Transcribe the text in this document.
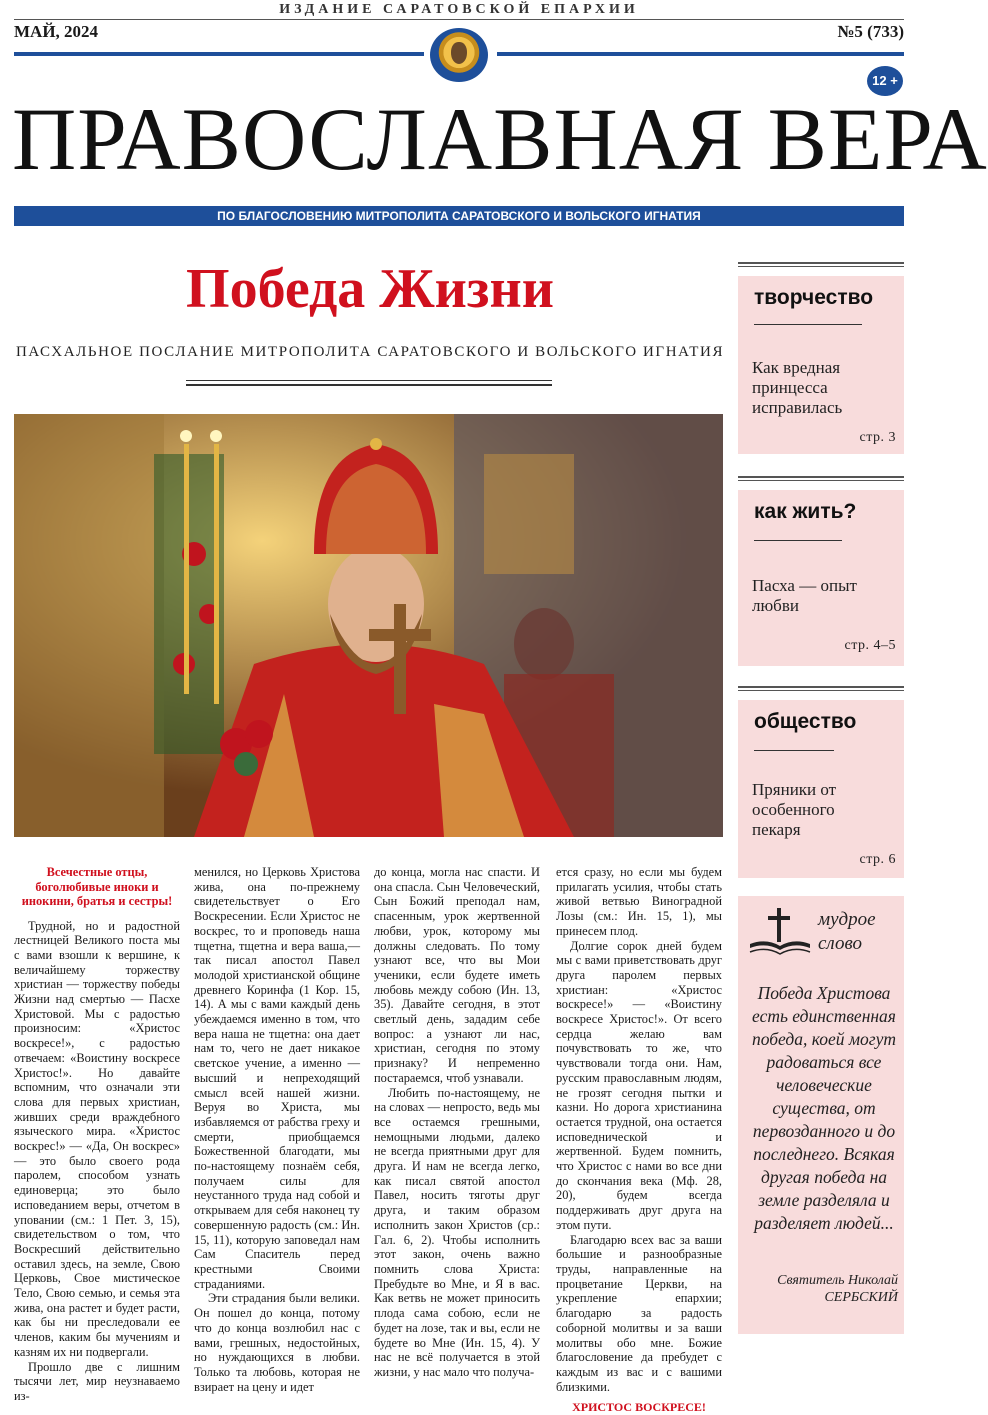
ИЗДАНИЕ САРАТОВСКОЙ ЕПАРХИИ
МАЙ, 2024	№5 (733)
12 +
ПРАВОСЛАВНАЯ ВЕРА
ПО БЛАГОСЛОВЕНИЮ МИТРОПОЛИТА САРАТОВСКОГО И ВОЛЬСКОГО ИГНАТИЯ
Победа Жизни
ПАСХАЛЬНОЕ ПОСЛАНИЕ МИТРОПОЛИТА САРАТОВСКОГО И ВОЛЬСКОГО ИГНАТИЯ

Всечестные отцы, боголюбивые иноки и инокини, братья и сестры!

Трудной, но и радостной лестницей Великого поста мы с вами взошли к вершине, к величайшему торжеству христиан — торжеству победы Жизни над смертью — Пасхе Христовой. Мы с радостью произносим: «Христос воскресе!», с радостью отвечаем: «Воистину воскресе Христос!». Но давайте вспомним, что означали эти слова для первых христиан, живших среди враждебного языческого мира. «Христос воскрес!» — «Да, Он воскрес» — это было своего рода паролем, способом узнать единоверца; это было исповеданием веры, отчетом в уповании (см.: 1 Пет. 3, 15), свидетельством о том, что Воскресший действительно оставил здесь, на земле, Свою Церковь, Свое мистическое Тело, Свою семью, и семья эта жива, она растет и будет расти, как бы ни преследовали ее членов, каким бы мучениям и казням их ни подвергали.

Прошло две с лишним тысячи лет, мир неузнаваемо из-

менился, но Церковь Христова жива, она по-прежнему свидетельствует о Его Воскресении. Если Христос не воскрес, то и проповедь наша тщетна, тщетна и вера ваша,— так писал апостол Павел молодой христианской общине древнего Коринфа (1 Кор. 15, 14). А мы с вами каждый день убеждаемся именно в том, что вера наша не тщетна: она дает нам то, чего не дает никакое светское учение, а именно — высший и непреходящий смысл всей нашей жизни. Веруя во Христа, мы избавляемся от рабства греху и смерти, приобщаемся Божественной благодати, мы по-настоящему познаём себя, получаем силы для неустанного труда над собой и открываем для себя наконец ту совершенную радость (см.: Ин. 15, 11), которую заповедал нам Сам Спаситель перед крестными Своими страданиями.

Эти страдания были велики. Он пошел до конца, потому что до конца возлюбил нас с вами, грешных, недостойных, но нуждающихся в любви. Только та любовь, которая не взирает на цену и идет

до конца, могла нас спасти. И она спасла. Сын Человеческий, Сын Божий преподал нам, спасенным, урок жертвенной любви, урок, которому мы должны следовать. По тому узнают все, что вы Мои ученики, если будете иметь любовь между собою (Ин. 13, 35). Давайте сегодня, в этот светлый день, зададим себе вопрос: а узнают ли нас, христиан, сегодня по этому признаку? И непременно постараемся, чтоб узнавали.

Любить по-настоящему, не на словах — непросто, ведь мы все остаемся грешными, немощными людьми, далеко не всегда приятными друг для друга. И нам не всегда легко, как писал святой апостол Павел, носить тяготы друг друга, и таким образом исполнить закон Христов (ср.: Гал. 6, 2). Чтобы исполнить этот закон, очень важно помнить слова Христа: Пребудьте во Мне, и Я в вас. Как ветвь не может приносить плода сама собою, если не будет на лозе, так и вы, если не будете во Мне (Ин. 15, 4). У нас не всё получается в этой жизни, у нас мало что получа-

ется сразу, но если мы будем прилагать усилия, чтобы стать живой ветвью Виноградной Лозы (см.: Ин. 15, 1), мы принесем плод.

Долгие сорок дней будем мы с вами приветствовать друг друга паролем первых христиан: «Христос воскресе!» — «Воистину воскресе Христос!». От всего сердца желаю вам почувствовать то же, что чувствовали тогда они. Нам, русским православным людям, не грозят сегодня пытки и казни. Но дорога христианина остается трудной, она остается исповеднической и жертвенной. Будем помнить, что Христос с нами во все дни до скончания века (Мф. 28, 20), будем всегда поддерживать друг друга на этом пути.

Благодарю всех вас за ваши большие и разнообразные труды, направленные на процветание Церкви, на укрепление епархии; благодарю за радость соборной молитвы и за ваши молитвы обо мне. Божие благословение да пребудет с каждым из вас и с вашими близкими.

ХРИСТОС ВОСКРЕСЕ!

творчество
Как вредная принцесса исправилась
стр. 3
как жить?
Пасха — опыт любви
стр. 4–5
общество
Пряники от особенного пекаря
стр. 6
мудрое слово
Победа Христова есть единственная победа, коей могут радоваться все человеческие существа, от первозданного и до последнего. Всякая другая победа на земле разделяла и разделяет людей...
Святитель Николай СЕРБСКИЙ
